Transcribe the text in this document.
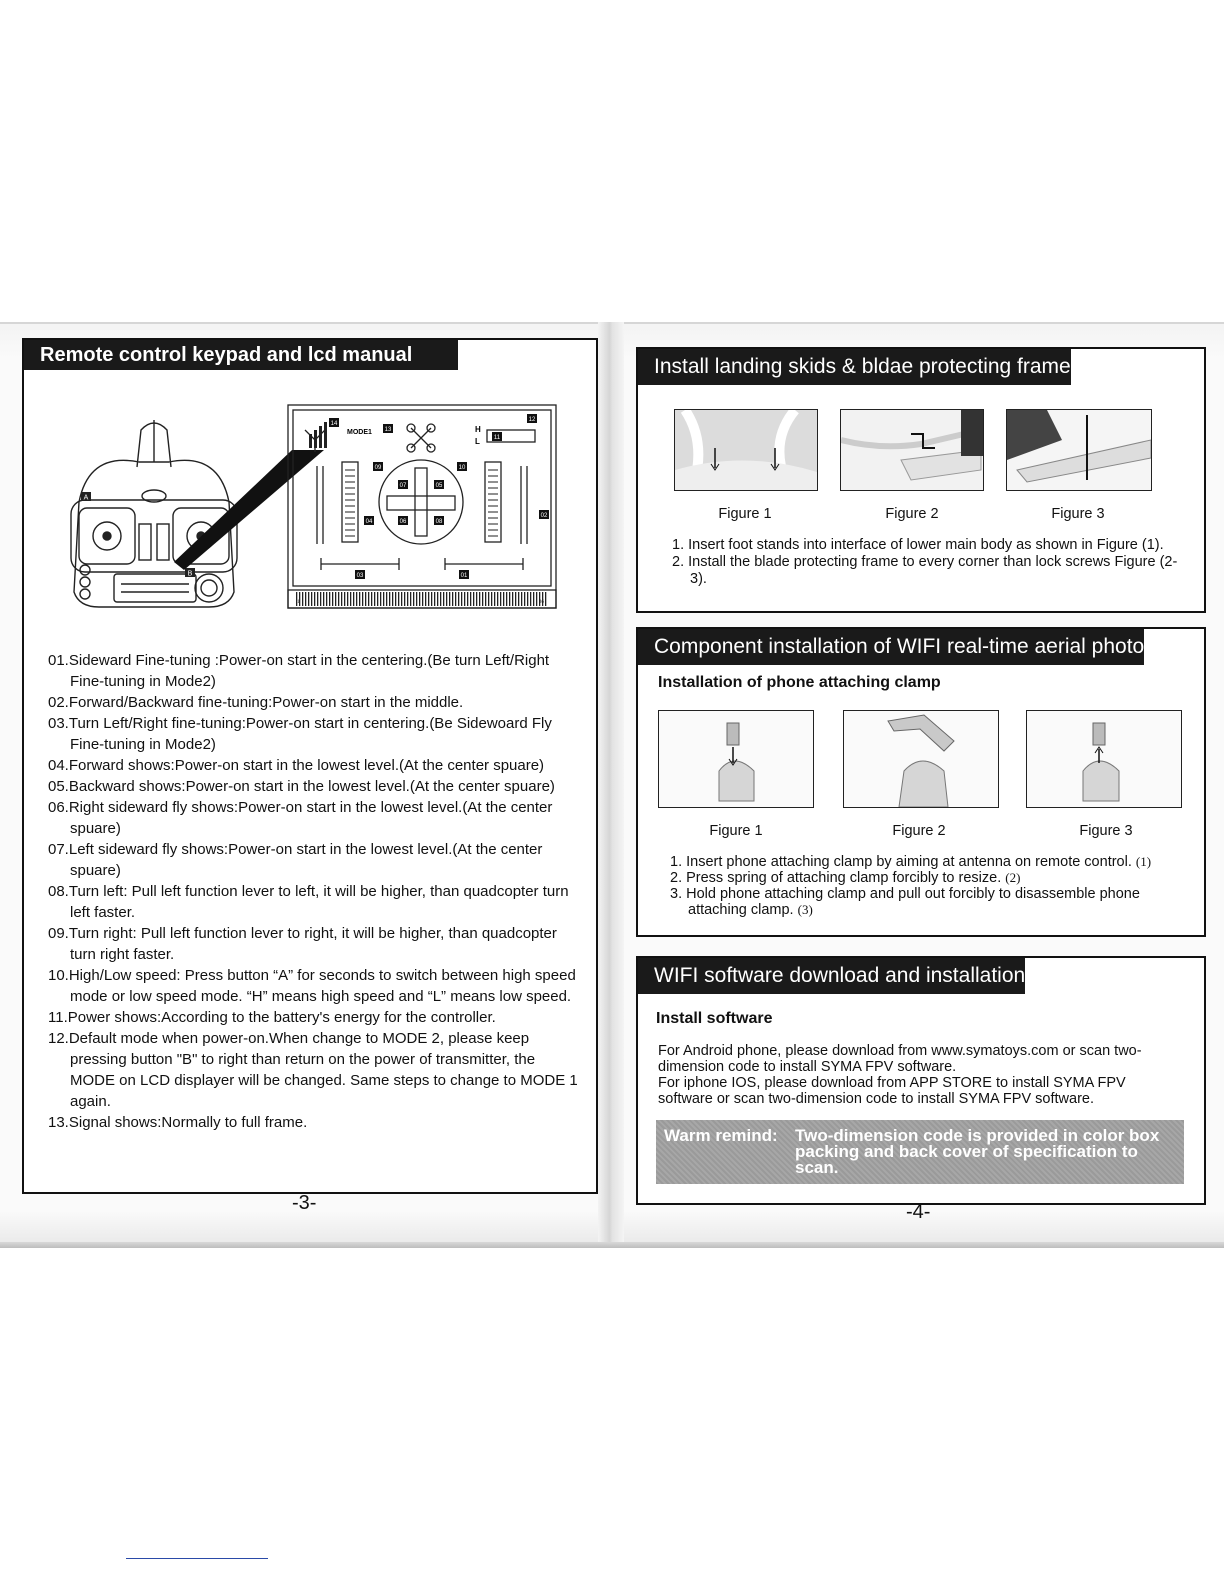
Remote control keypad and lcd manual
A
B
MODE1	H
L
14
13
12
11
10
09
08
07
06
05
04
03
02
01
1	36
01.Sideward Fine-tuning :Power-on start in the centering.(Be turn Left/Right Fine-tuning in Mode2)
02.Forward/Backward fine-tuning:Power-on start in the middle.
03.Turn Left/Right fine-tuning:Power-on start in centering.(Be Sidewoard Fly Fine-tuning in Mode2)
04.Forward shows:Power-on start in the lowest level.(At the center spuare)
05.Backward shows:Power-on start in the lowest level.(At the center spuare)
06.Right sideward fly shows:Power-on start in the lowest level.(At the center spuare)
07.Left sideward fly shows:Power-on start in the lowest level.(At the center spuare)
08.Turn left: Pull left function lever to left, it will be higher, than quadcopter turn left faster.
09.Turn right: Pull left function lever to right, it will be higher, than quadcopter turn right faster.
10.High/Low speed: Press button “A” for seconds to switch between high speed mode or low speed mode. “H” means high speed and “L” means low speed.
11.Power shows:According to the battery's energy for the controller.
12.Default mode when power-on.When change to MODE 2, please keep pressing button "B" to right than return on the power of transmitter, the MODE on LCD displayer will be changed. Same steps to change to MODE 1 again.
13.Signal shows:Normally to full frame.
-3-
Install landing skids & bldae protecting frame
Figure 1	Figure 2	Figure 3
1. Insert foot stands into interface of lower main body as shown in Figure (1).
2. Install the blade protecting frame to every corner than lock screws Figure (2-3).
Component installation of WIFI real-time aerial photo
Installation of phone attaching clamp
Figure 1	Figure 2	Figure 3
1. Insert phone attaching clamp by aiming at antenna on remote control. (1)
2. Press spring of attaching clamp forcibly to resize. (2)
3. Hold phone attaching clamp and pull out forcibly to disassemble phone attaching clamp. (3)
WIFI software download and installation
Install software

For Android phone, please download from www.symatoys.com or scan two-dimension code to install SYMA FPV software.

For iphone IOS, please download from APP STORE to install SYMA FPV software or scan two-dimension code to install SYMA FPV software.

Warm remind: Two-dimension code is provided in color box packing and back cover of specification to scan.
-4-
